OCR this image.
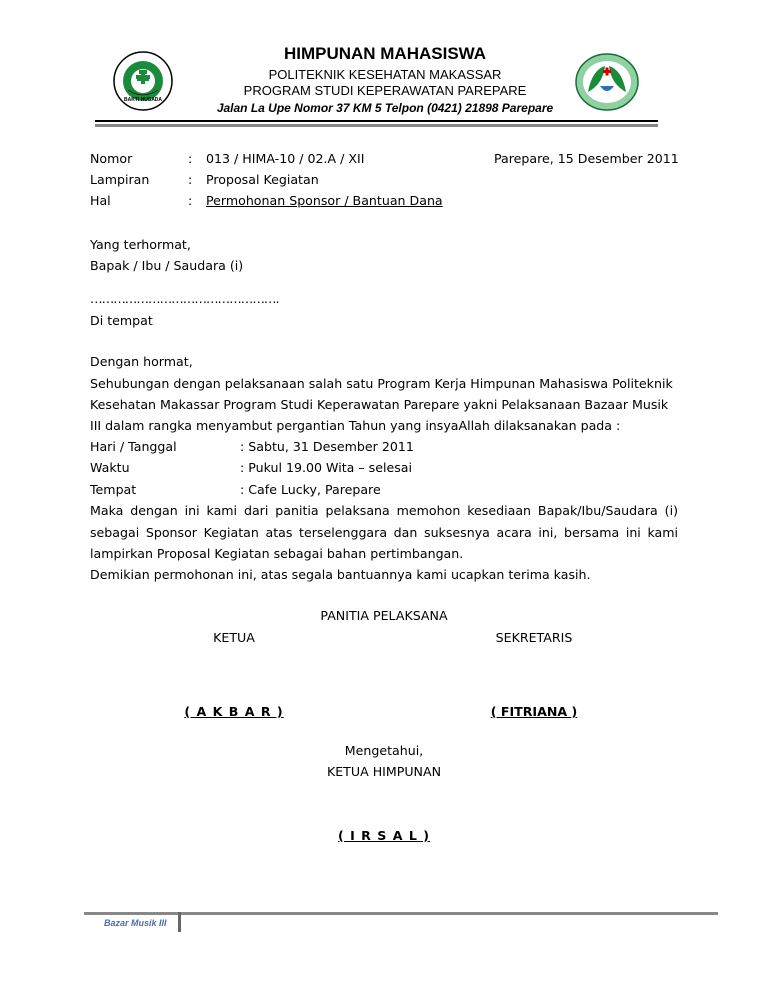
BAKTI HUSADA
HIMPUNAN MAHASISWA
POLITEKNIK KESEHATAN MAKASSAR
PROGRAM STUDI KEPERAWATAN PAREPARE
Jalan La Upe Nomor 37 KM 5 Telpon (0421) 21898 Parepare
Nomor	: 013 / HIMA-10 / 02.A / XII	Parepare, 15 Desember 2011
Lampiran	: Proposal Kegiatan
Hal	: Permohonan Sponsor / Bantuan Dana
Yang terhormat,
Bapak / Ibu / Saudara (i)
………………………………………….
Di tempat
Dengan hormat,
Sehubungan dengan pelaksanaan salah satu Program Kerja Himpunan Mahasiswa Politeknik
Kesehatan Makassar Program Studi Keperawatan Parepare yakni Pelaksanaan Bazaar Musik
III dalam rangka menyambut pergantian Tahun yang insyaAllah dilaksanakan pada :
Hari / Tanggal	: Sabtu, 31 Desember 2011
Waktu	: Pukul 19.00 Wita – selesai
Tempat	: Cafe Lucky, Parepare
Maka dengan ini kami dari panitia pelaksana memohon kesediaan Bapak/Ibu/Saudara (i) sebagai Sponsor Kegiatan atas terselenggara dan suksesnya acara ini, bersama ini kami lampirkan Proposal Kegiatan sebagai bahan pertimbangan.
Demikian permohonan ini, atas segala bantuannya kami ucapkan terima kasih.
PANITIA PELAKSANA
KETUA	SEKRETARIS
( A K B A R )	( FITRIANA )
Mengetahui,
KETUA HIMPUNAN
( I R S A L )
Bazar Musik III
